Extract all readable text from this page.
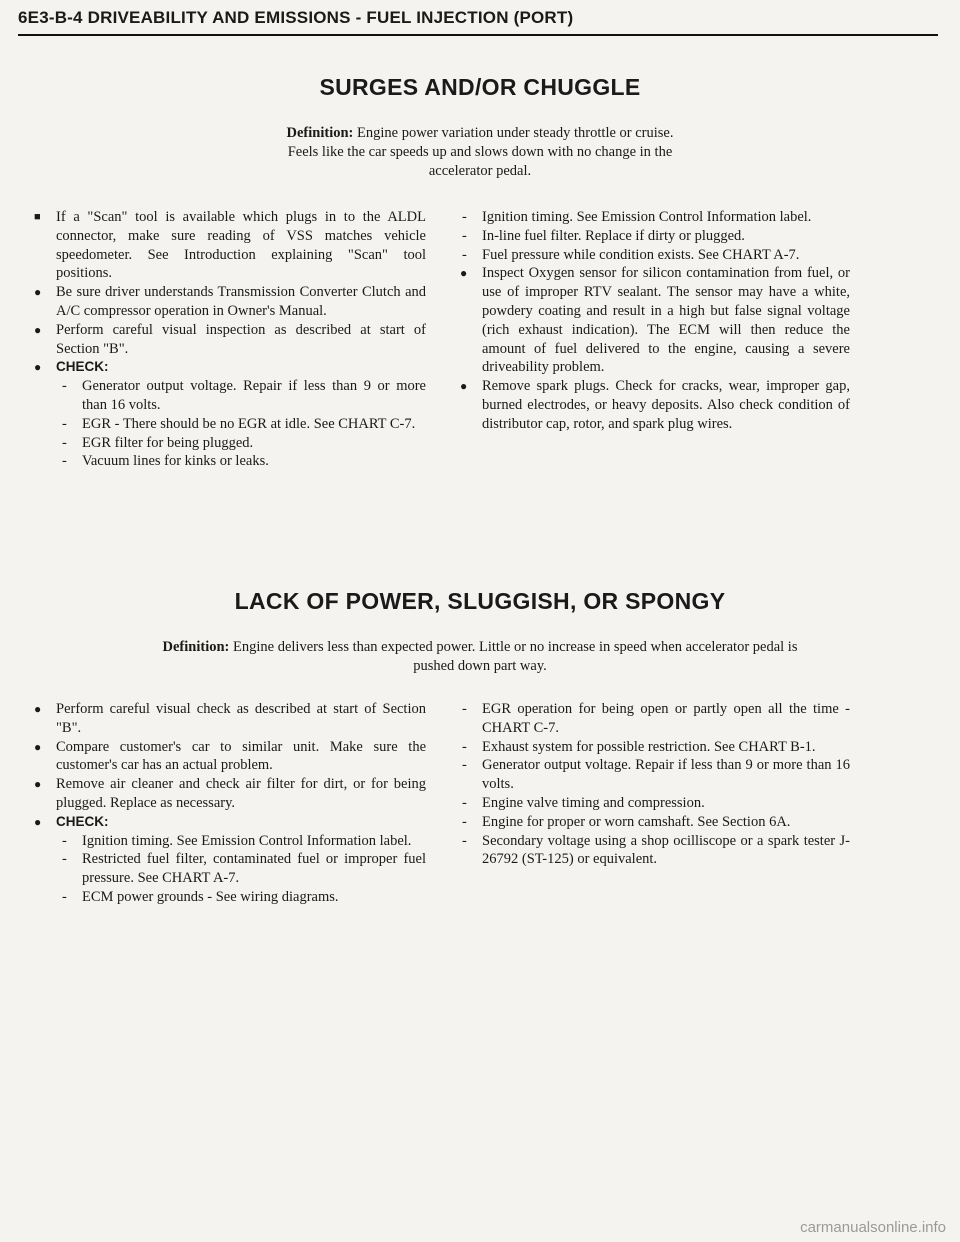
6E3-B-4 DRIVEABILITY AND EMISSIONS - FUEL INJECTION (PORT)
SURGES AND/OR CHUGGLE
Definition: Engine power variation under steady throttle or cruise. Feels like the car speeds up and slows down with no change in the accelerator pedal.
■ If a "Scan" tool is available which plugs in to the ALDL connector, make sure reading of VSS matches vehicle speedometer. See Introduction explaining "Scan" tool positions.
● Be sure driver understands Transmission Converter Clutch and A/C compressor operation in Owner's Manual.
● Perform careful visual inspection as described at start of Section "B".
● CHECK:
- Generator output voltage. Repair if less than 9 or more than 16 volts.
- EGR - There should be no EGR at idle. See CHART C-7.
- EGR filter for being plugged.
- Vacuum lines for kinks or leaks.
- Ignition timing. See Emission Control Information label.
- In-line fuel filter. Replace if dirty or plugged.
- Fuel pressure while condition exists. See CHART A-7.
● Inspect Oxygen sensor for silicon contamination from fuel, or use of improper RTV sealant. The sensor may have a white, powdery coating and result in a high but false signal voltage (rich exhaust indication). The ECM will then reduce the amount of fuel delivered to the engine, causing a severe driveability problem.
● Remove spark plugs. Check for cracks, wear, improper gap, burned electrodes, or heavy deposits. Also check condition of distributor cap, rotor, and spark plug wires.
LACK OF POWER, SLUGGISH, OR SPONGY
Definition: Engine delivers less than expected power. Little or no increase in speed when accelerator pedal is pushed down part way.
● Perform careful visual check as described at start of Section "B".
● Compare customer's car to similar unit. Make sure the customer's car has an actual problem.
● Remove air cleaner and check air filter for dirt, or for being plugged. Replace as necessary.
● CHECK:
- Ignition timing. See Emission Control Information label.
- Restricted fuel filter, contaminated fuel or improper fuel pressure. See CHART A-7.
- ECM power grounds - See wiring diagrams.
- EGR operation for being open or partly open all the time - CHART C-7.
- Exhaust system for possible restriction. See CHART B-1.
- Generator output voltage. Repair if less than 9 or more than 16 volts.
- Engine valve timing and compression.
- Engine for proper or worn camshaft. See Section 6A.
- Secondary voltage using a shop ocilliscope or a spark tester J-26792 (ST-125) or equivalent.
carmanualsonline.info
